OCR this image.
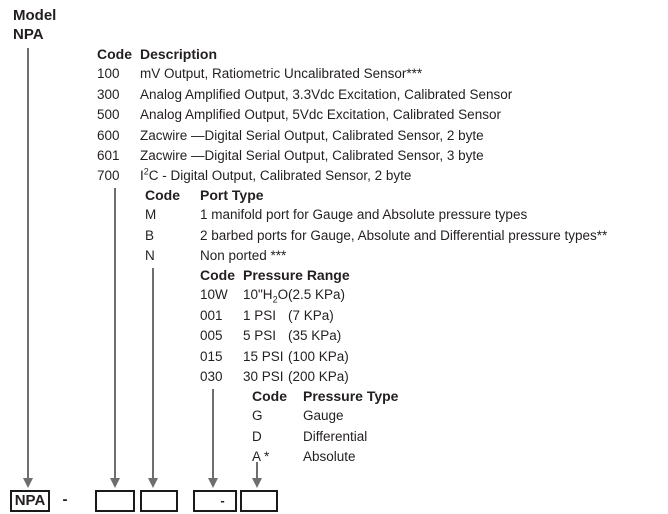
Model
NPA
Code Description
100	mV Output, Ratiometric Uncalibrated Sensor***
300	Analog Amplified Output, 3.3Vdc Excitation, Calibrated Sensor
500	Analog Amplified Output, 5Vdc Excitation, Calibrated Sensor
600	Zacwire —Digital Serial Output, Calibrated Sensor, 2 byte
601	Zacwire —Digital Serial Output, Calibrated Sensor, 3 byte
700	$I^2C$ - Digital Output, Calibrated Sensor, 2 byte
Code	Port Type
M	1 manifold port for Gauge and Absolute pressure types
B	2 barbed ports for Gauge, Absolute and Differential pressure types**
N	Non ported ***
Code Pressure Range
10W	$10"H_2O$ (2.5 KPa)
001	1 PSI (7 KPa)
005	5 PSI (35 KPa)
015	15 PSI (100 KPa)
030	30 PSI (200 KPa)
Code	Pressure Type
G	Gauge
D	Differential
A *	Absolute
NPA	-	-
